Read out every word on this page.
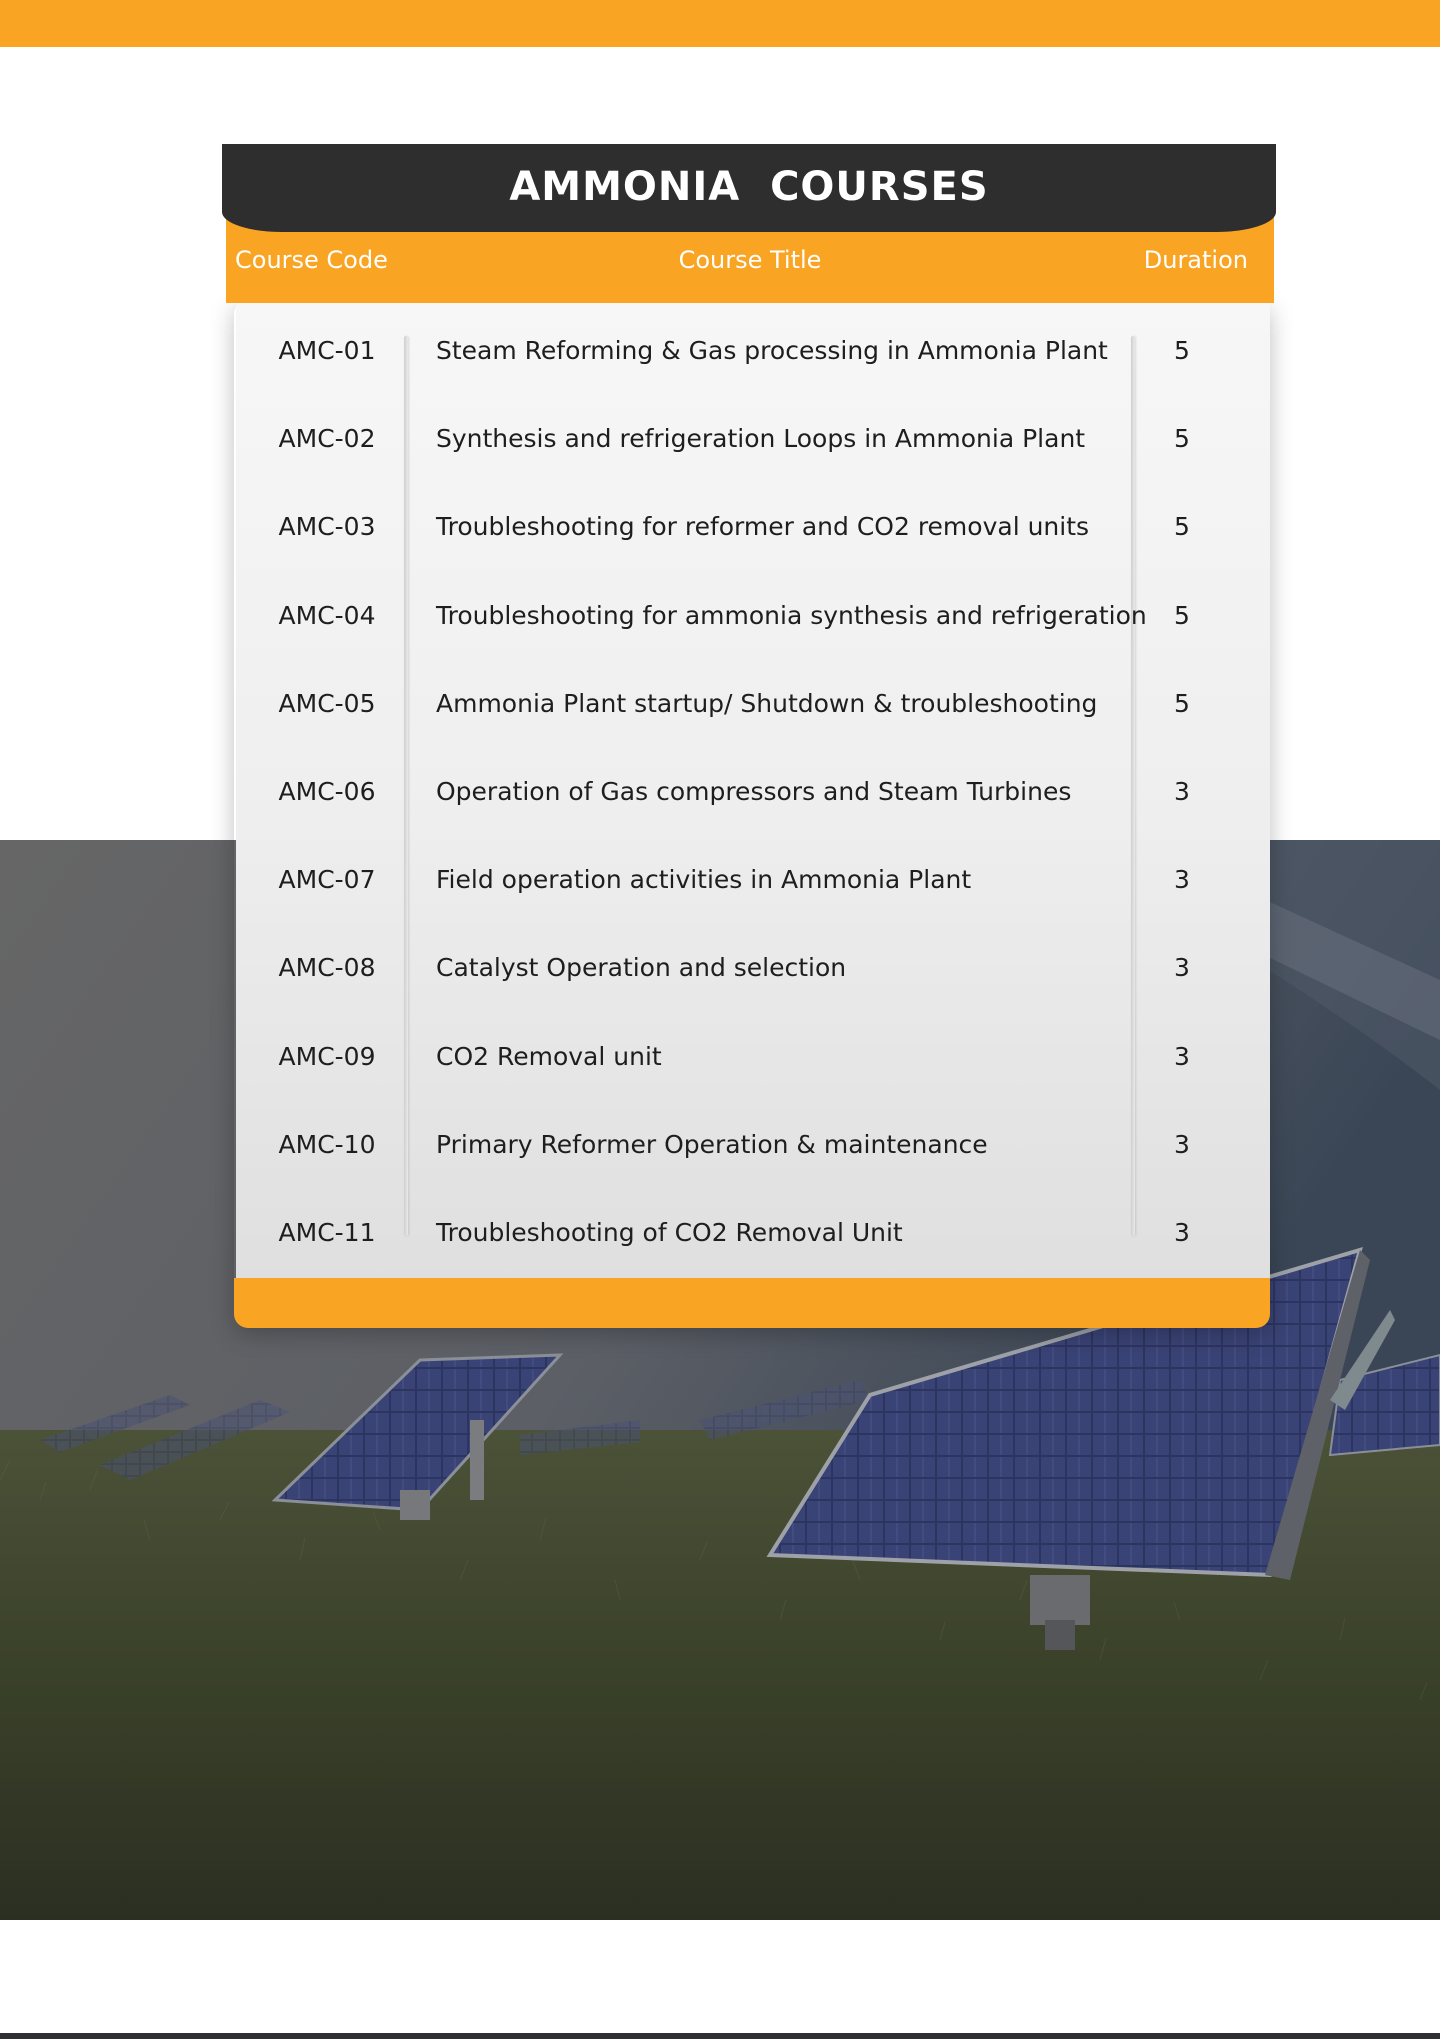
AMMONIA  COURSES
Course Code	Course Title	Duration
AMC-01	Steam Reforming & Gas processing in Ammonia Plant	5
AMC-02	Synthesis and refrigeration Loops in Ammonia Plant	5
AMC-03	Troubleshooting for reformer and CO2 removal units	5
AMC-04	Troubleshooting for ammonia synthesis and refrigeration 5
AMC-05	Ammonia Plant startup/ Shutdown & troubleshooting	5
AMC-06	Operation of Gas compressors and Steam Turbines	3
AMC-07	Field operation activities in Ammonia Plant	3
AMC-08	Catalyst Operation and selection	3
AMC-09	CO2 Removal unit	3
AMC-10	Primary Reformer Operation & maintenance	3
AMC-11	Troubleshooting of CO2 Removal Unit	3
